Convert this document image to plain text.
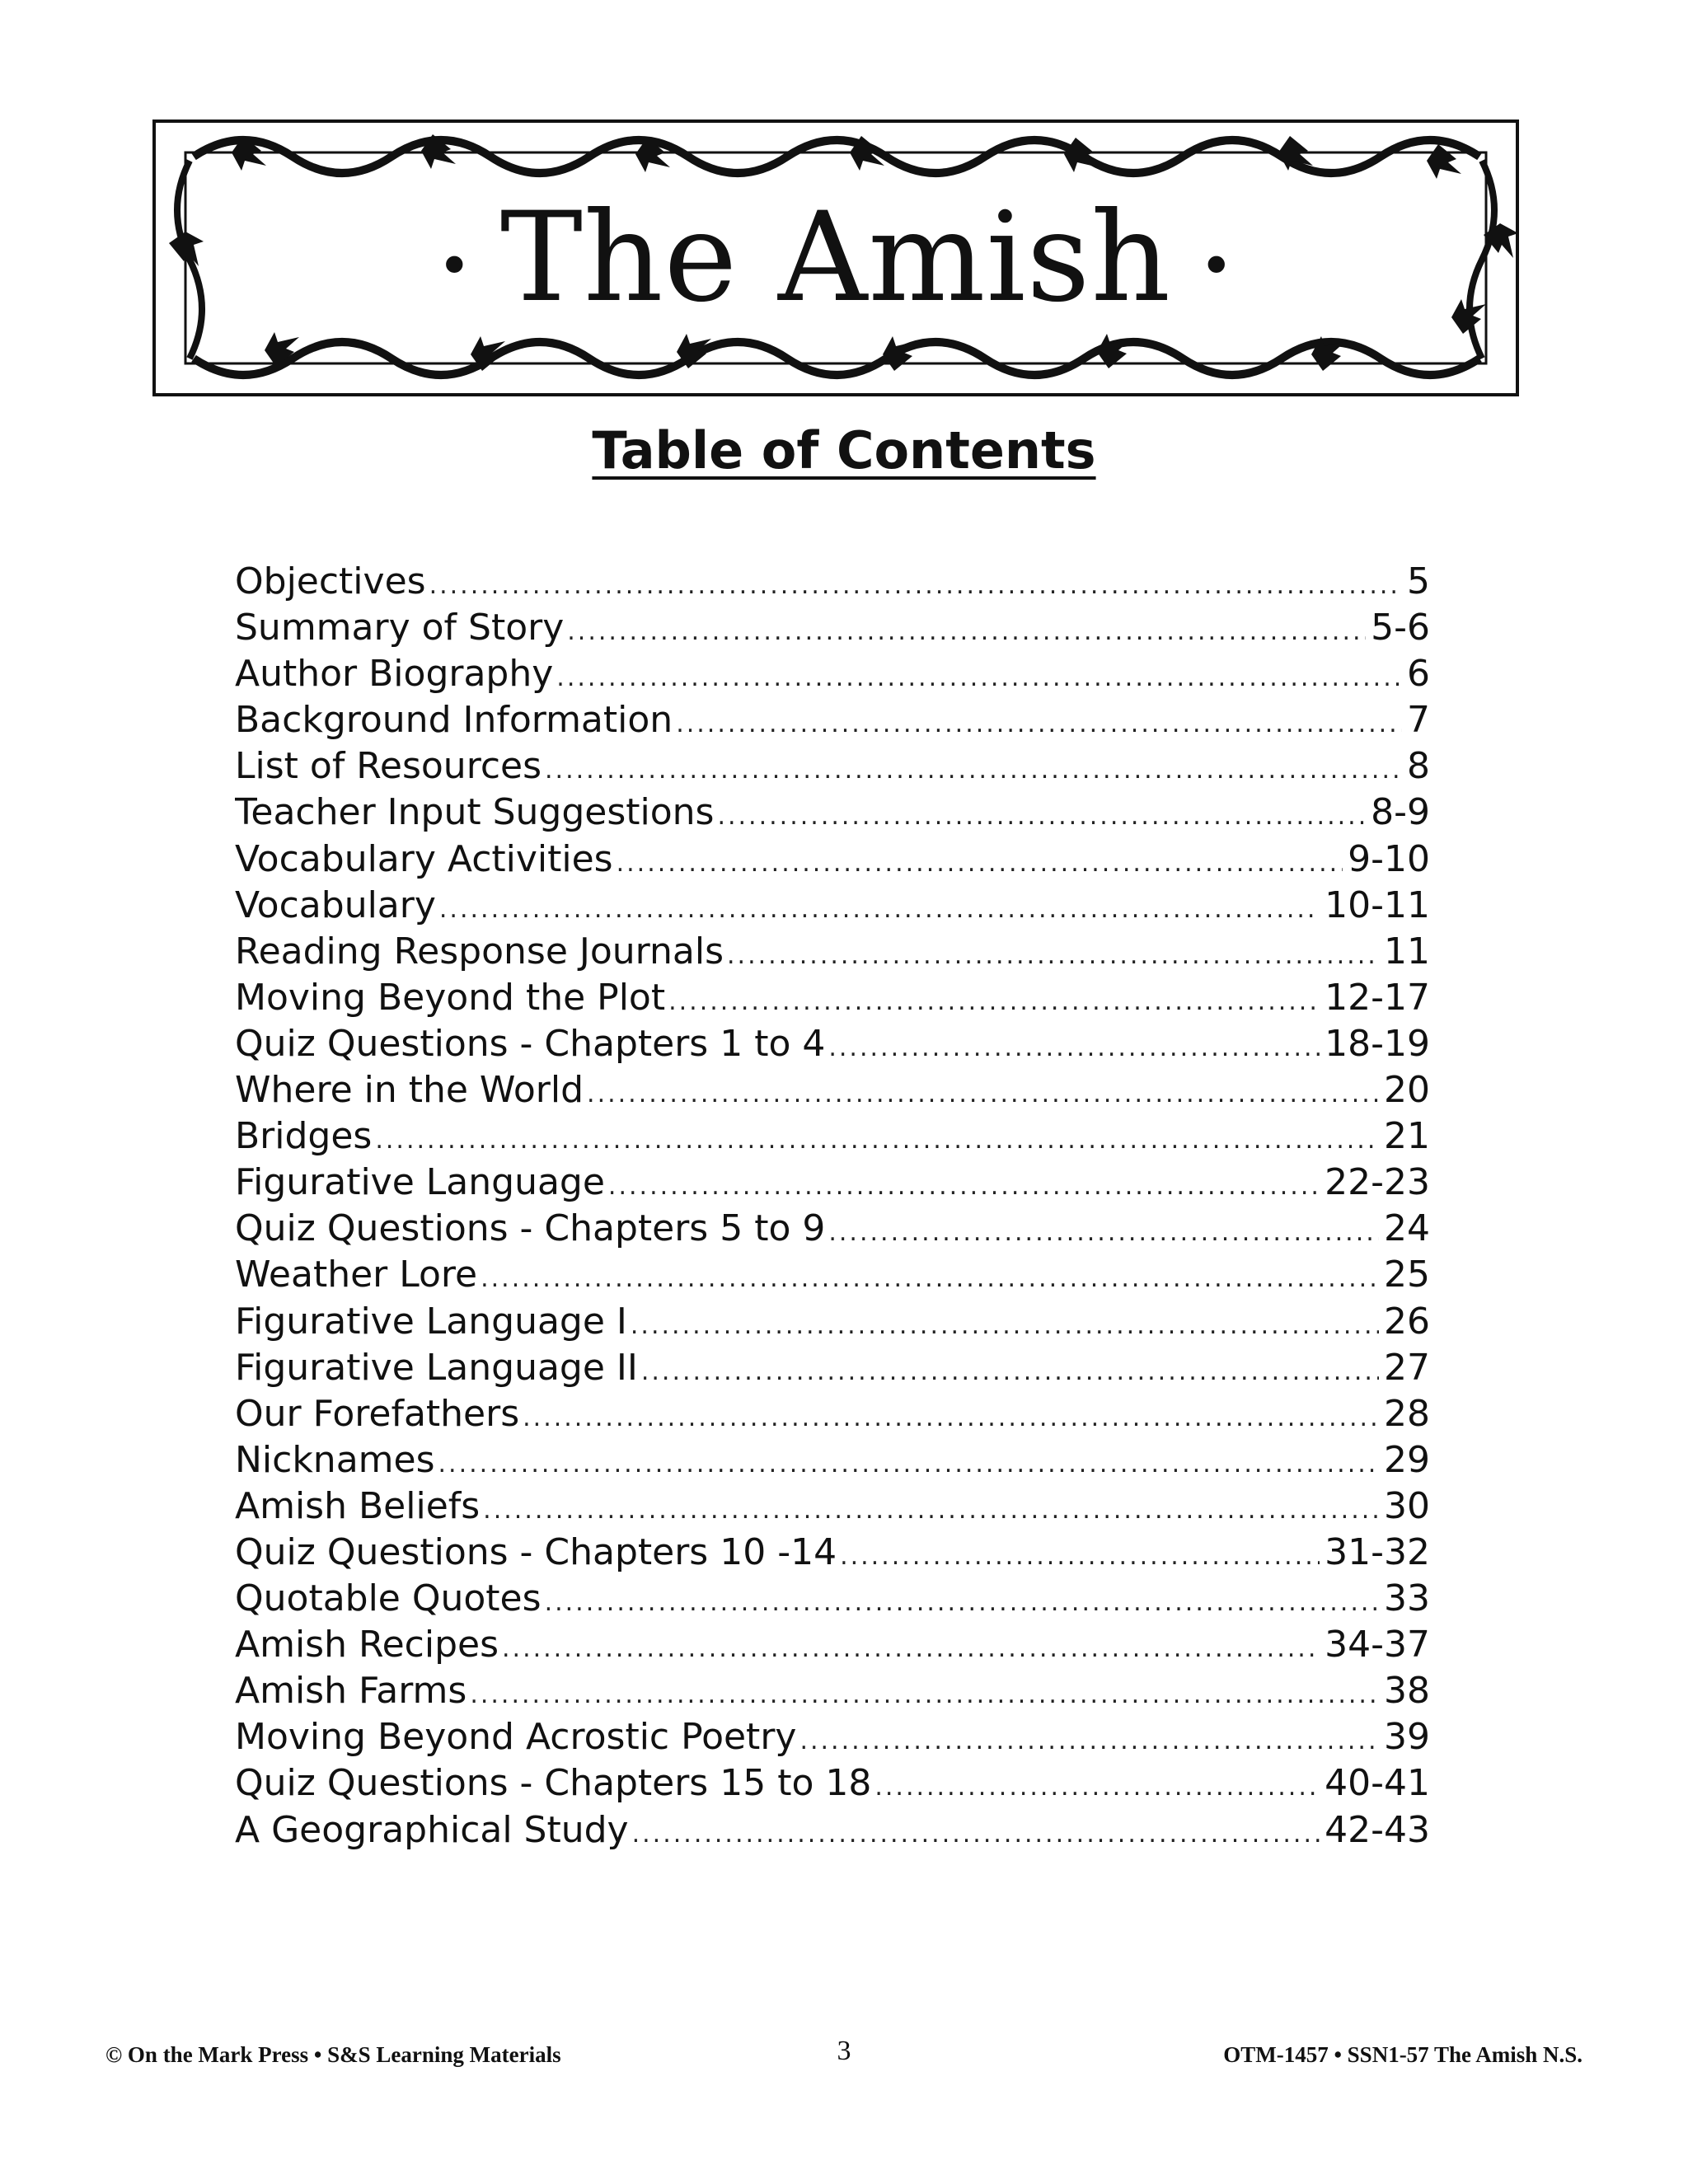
• The Amish •
Table of Contents
Objectives .....	5
Summary of Story .....	5-6
Author Biography .....	6
Background Information .....	7
List of Resources .....	8
Teacher Input Suggestions .....	8-9
Vocabulary Activities .....	9-10
Vocabulary .....	10-11
Reading Response Journals .....	11
Moving Beyond the Plot .....	12-17
Quiz Questions - Chapters 1 to 4 .....	18-19
Where in the World .....	20
Bridges .....	21
Figurative Language .....	22-23
Quiz Questions - Chapters 5 to 9 .....	24
Weather Lore .....	25
Figurative Language I .....	26
Figurative Language II .....	27
Our Forefathers .....	28
Nicknames .....	29
Amish Beliefs .....	30
Quiz Questions - Chapters 10 -14 .....	31-32
Quotable Quotes .....	33
Amish Recipes .....	34-37
Amish Farms .....	38
Moving Beyond Acrostic Poetry .....	39
Quiz Questions - Chapters 15 to 18 .....	40-41
A Geographical Study .....	42-43
© On the Mark Press • S&S Learning Materials	3	OTM-1457 • SSN1-57 The Amish N.S.
